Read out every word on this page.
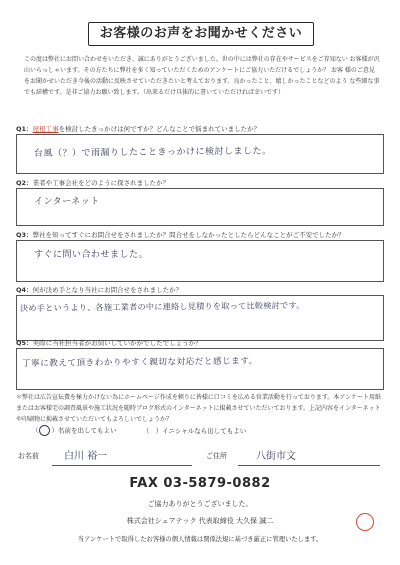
お客様のお声をお聞かせください
この度は弊社にお問い合わせをいただき、誠にありがとうございました。世の中には弊社の存在やサービスをご存知ない お客様が沢山いらっしゃいます。その方たちに弊社を多く知っていただくためのアンケートにご協力いただけるでしょうか？ お客 様のご意見をお聞かせいただき今後の活動に反映させていただきたいと考えております。良かったこと、嬉しかったことなどのよう な些細な事でも結構です。是非ご協力お願い致します。（出来るだけ具体的に書いていただければ幸いです）
Q1：屋根工事を検討したきっかけは何ですか？どんなことで悩まれていましたか？
台風（？）で雨漏りしたこときっかけに検討しました。
Q2：業者や工事会社をどのように探されましたか？
インターネット
Q3：弊社を知ってすぐにお問合せをされましたか？問合せをしなかったとしたらどんなことがご不安でしたか？
すぐに問い合わせました。
Q4：何が決め手となり当社にお問合せをされましたか？
決め手というより、各施工業者の中に連絡し見積りを取って比較検討です。
Q5：実際に当社担当者がお伺いしていかがでしたでしょうか？
丁寧に教えて頂きわかりやすく親切な対応だと感じます。
＊弊社は広告宣伝費を極力かけない為にホームページ作成を頼りに皆様に口コミを広める営業活動を行っております。本アンケート用紙またはお客様宅の調査風景や施工状況を随時ブログ形式のインターネットに掲載させていただいております。上記内容をインターネットや印刷物に掲載させていただいてもよろしいでしょうか？
（ ）名前を出してもよい	（　）イニシャルなら出してもよい
お名前	白川 裕一	ご住所	八街市文
FAX 03-5879-0882
ご協力ありがとうございました。
株式会社シェアテック 代表取締役 大久保 誠二
当アンケートで取得したお客様の個人情報は関係法規に基づき厳正に管理いたします。
